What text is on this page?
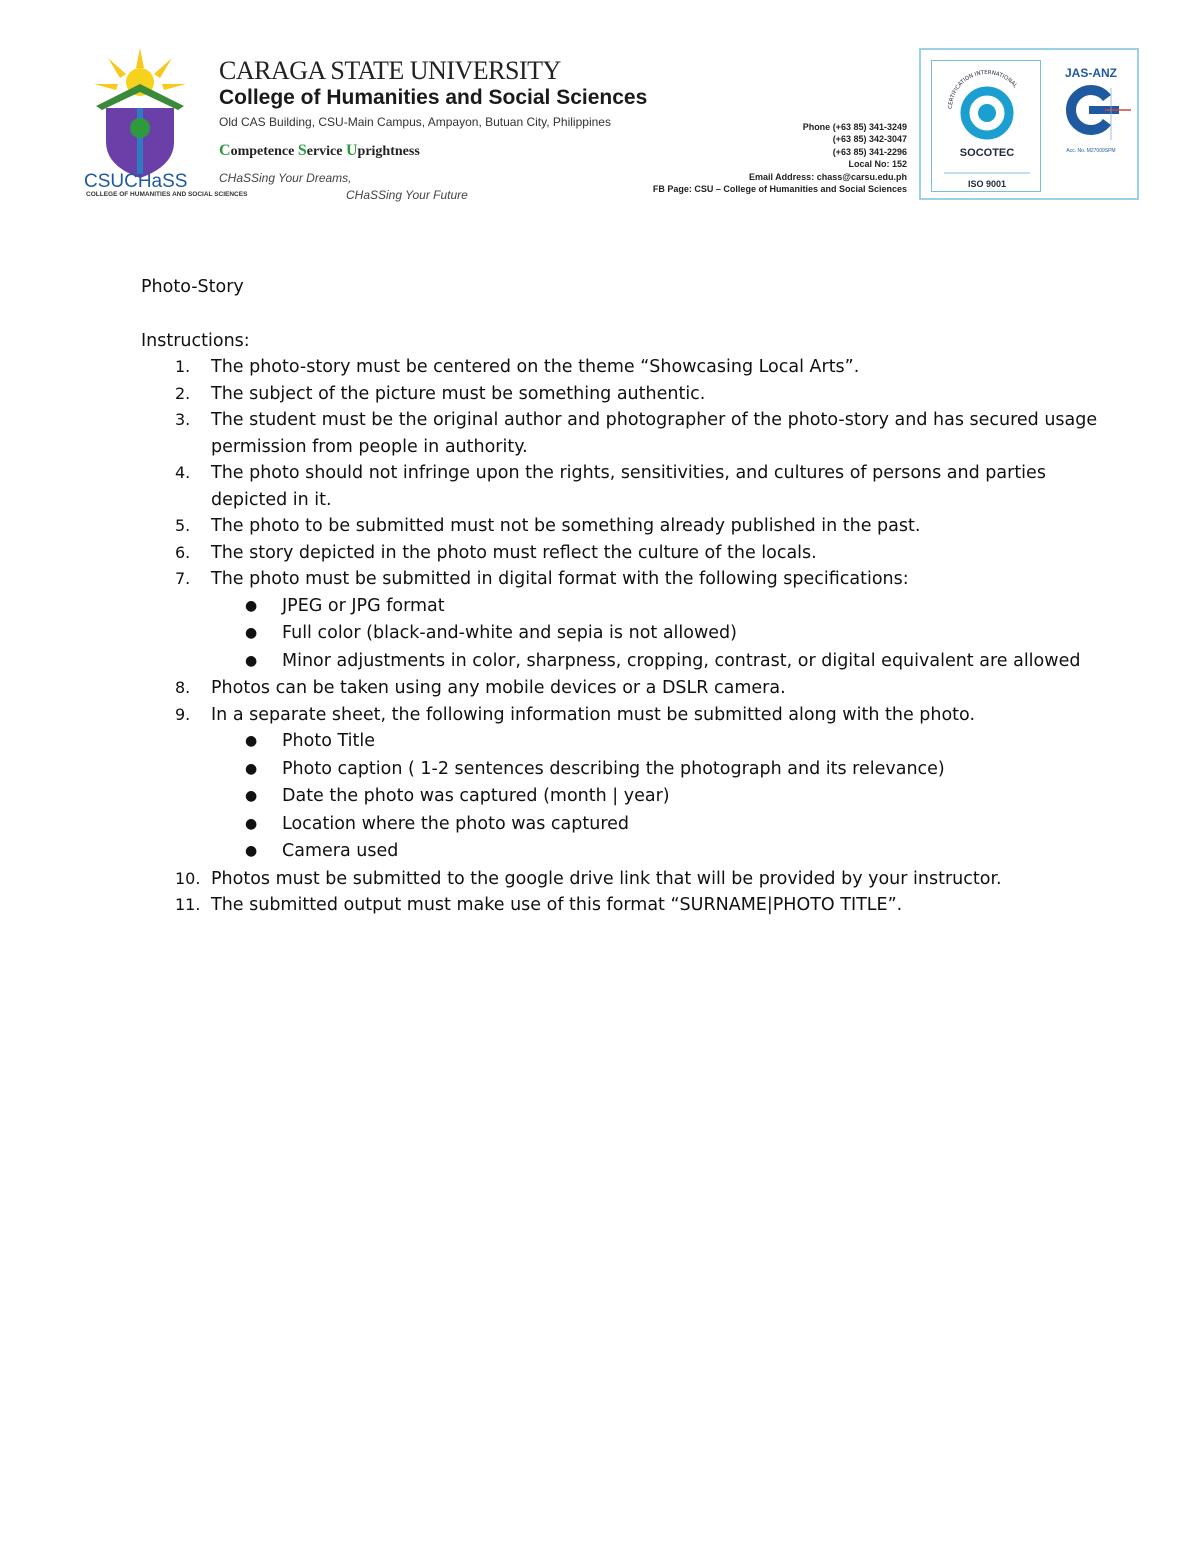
CSUCHaSS
COLLEGE OF HUMANITIES AND SOCIAL SCIENCES
CARAGA STATE UNIVERSITY
College of Humanities and Social Sciences
Old CAS Building, CSU-Main Campus, Ampayon, Butuan City, Philippines
Competence Service Uprightness
CHaSSing Your Dreams,
CHaSSing Your Future
Phone (+63 85) 341-3249
(+63 85) 342-3047
(+63 85) 341-2296
Local No: 152
Email Address: chass@carsu.edu.ph
FB Page: CSU – College of Humanities and Social Sciences
CERTIFICATION INTERNATIONAL
SOCOTEC
ISO 9001
JAS-ANZ
Acc. No. M27009SPM
Photo-Story
Instructions:
1.	The photo-story must be centered on the theme “Showcasing Local Arts”.
2.	The subject of the picture must be something authentic.
3.	The student must be the original author and photographer of the photo-story and has secured usage permission from people in authority.
4.	The photo should not infringe upon the rights, sensitivities, and cultures of persons and parties depicted in it.
5.	The photo to be submitted must not be something already published in the past.
6.	The story depicted in the photo must reflect the culture of the locals.
7.	The photo must be submitted in digital format with the following specifications:
● JPEG or JPG format
● Full color (black-and-white and sepia is not allowed)
● Minor adjustments in color, sharpness, cropping, contrast, or digital equivalent are allowed
8.	Photos can be taken using any mobile devices or a DSLR camera.
9.	In a separate sheet, the following information must be submitted along with the photo.
● Photo Title
● Photo caption ( 1-2 sentences describing the photograph and its relevance)
● Date the photo was captured (month | year)
● Location where the photo was captured
● Camera used
10. Photos must be submitted to the google drive link that will be provided by your instructor.
11. The submitted output must make use of this format “SURNAME|PHOTO TITLE”.
